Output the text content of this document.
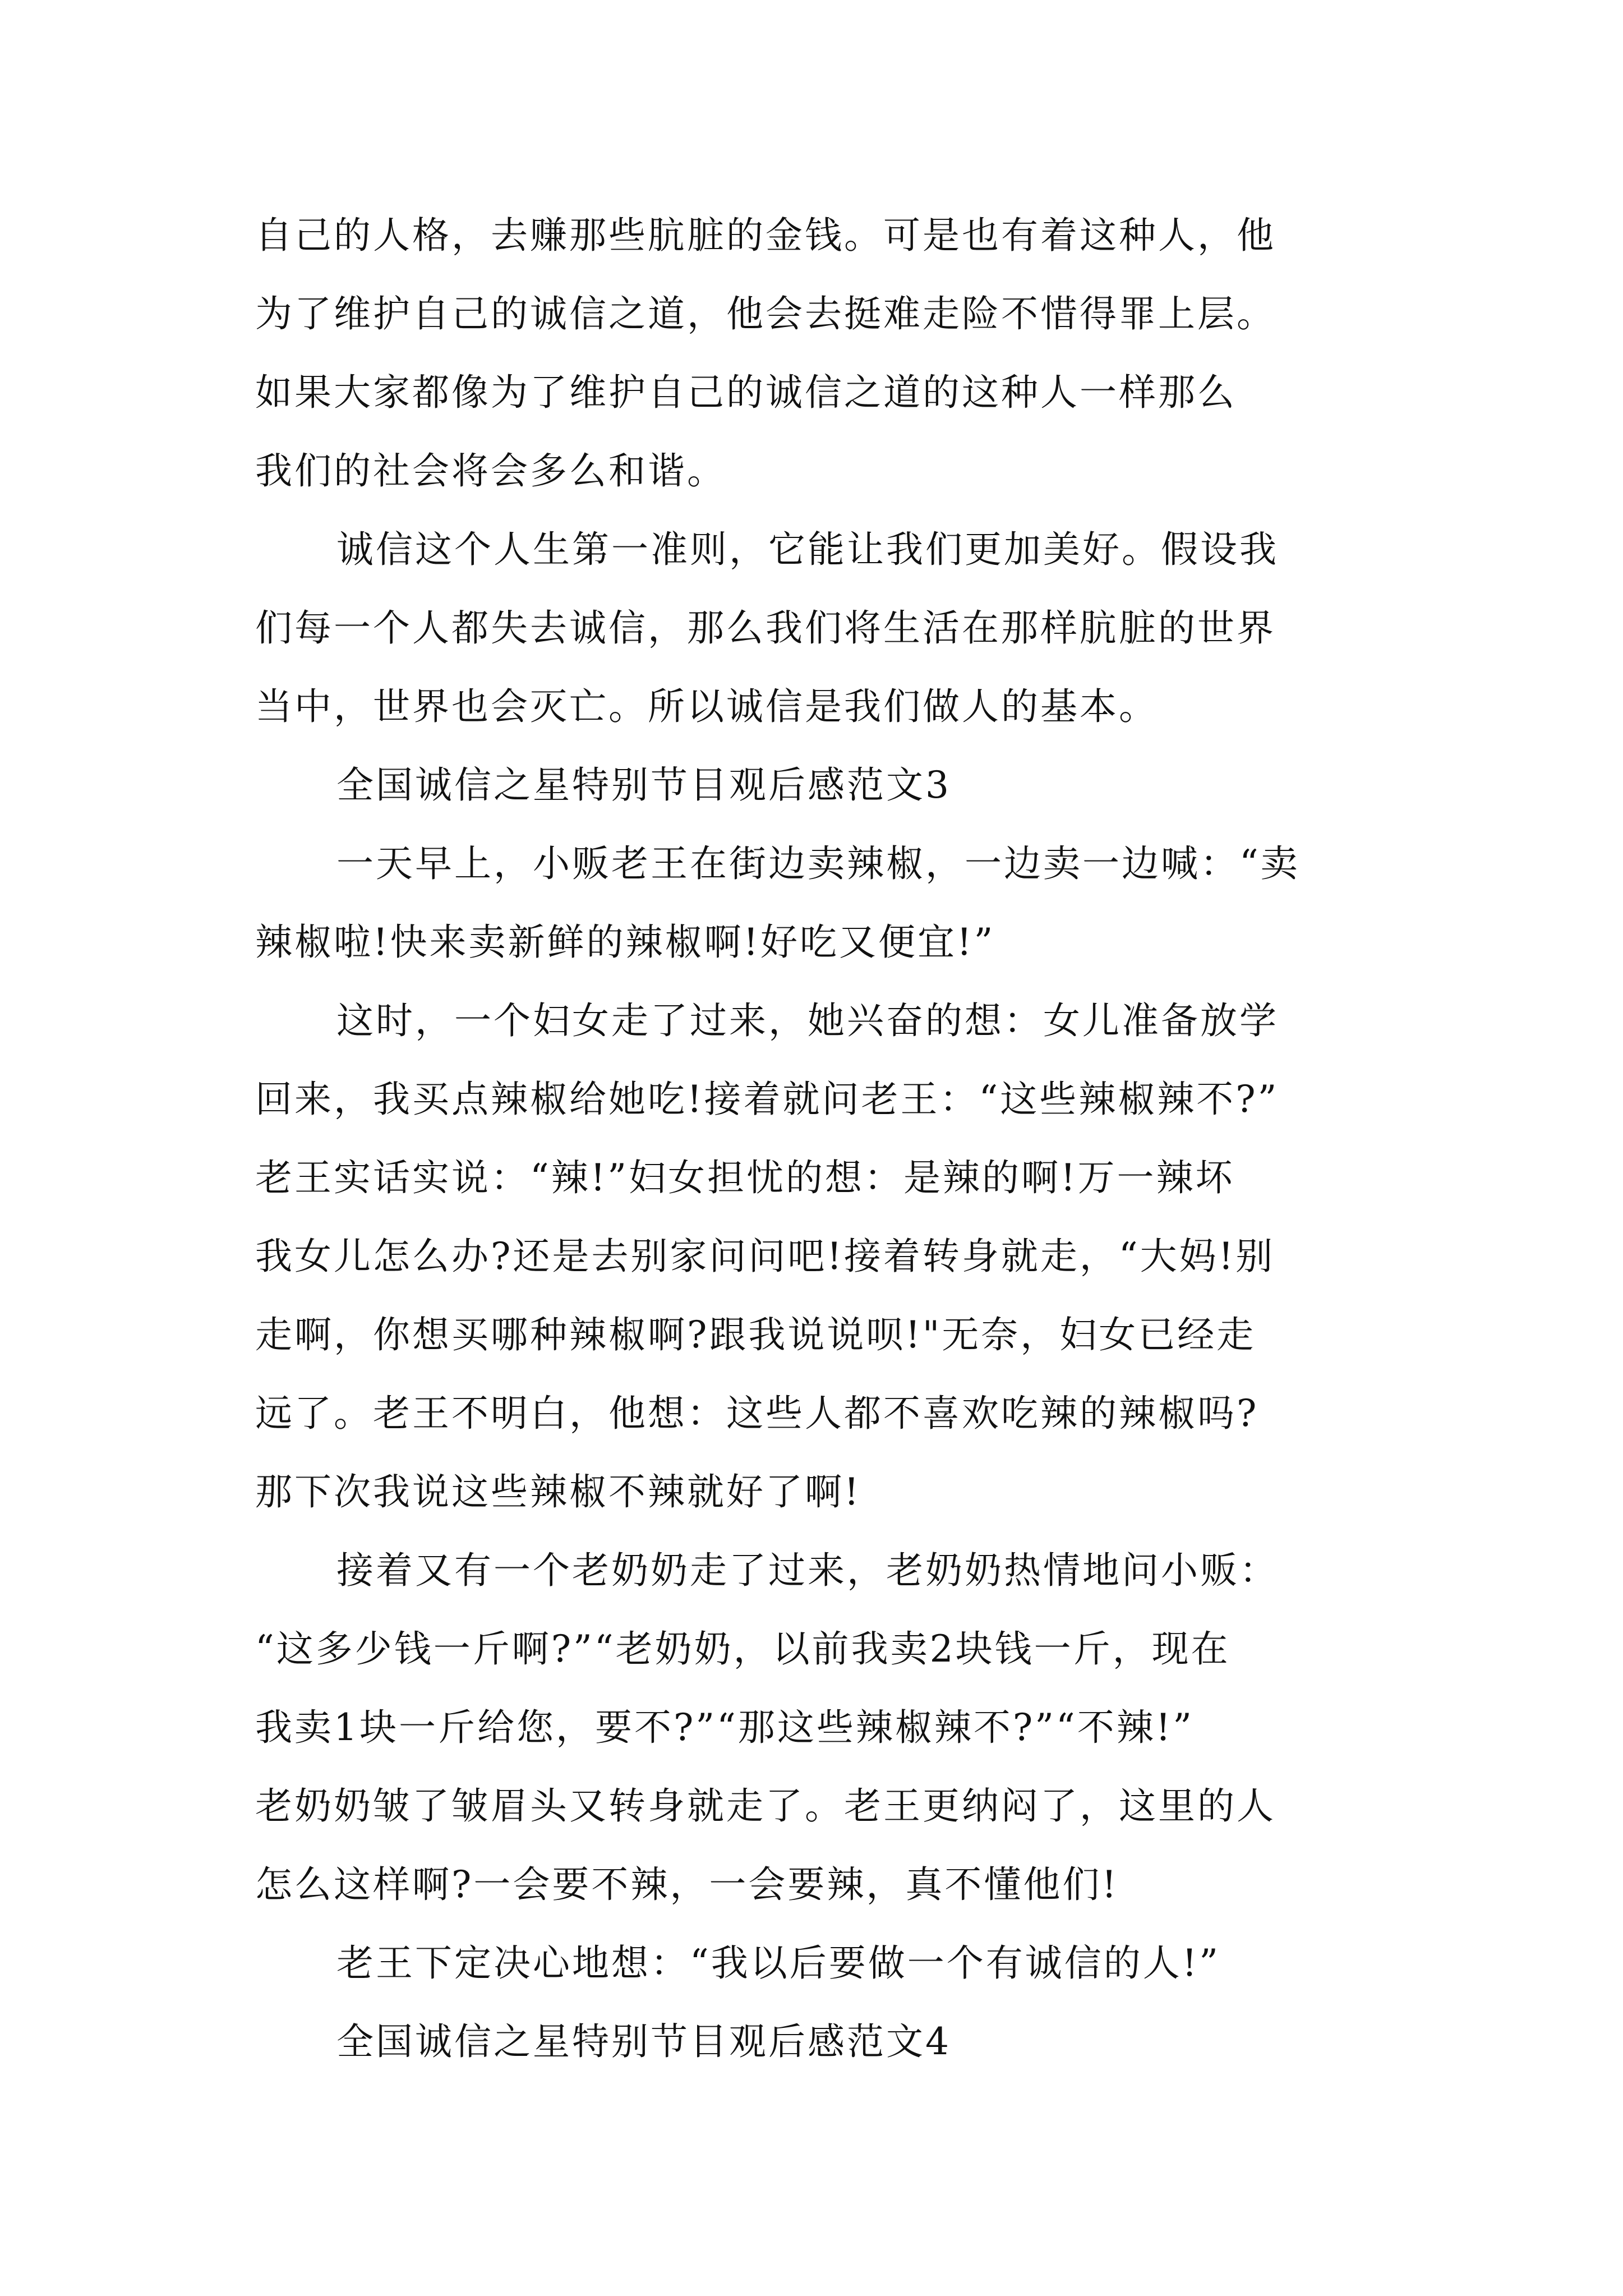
自己的人格，去赚那些肮脏的金钱。可是也有着这种人，他
为了维护自己的诚信之道，他会去挺难走险不惜得罪上层。
如果大家都像为了维护自己的诚信之道的这种人一样那么
我们的社会将会多么和谐。
诚信这个人生第一准则，它能让我们更加美好。假设我
们每一个人都失去诚信，那么我们将生活在那样肮脏的世界
当中，世界也会灭亡。所以诚信是我们做人的基本。
全国诚信之星特别节目观后感范文3
一天早上，小贩老王在街边卖辣椒，一边卖一边喊：“卖
辣椒啦!快来卖新鲜的辣椒啊!好吃又便宜!”
这时，一个妇女走了过来，她兴奋的想：女儿准备放学
回来，我买点辣椒给她吃!接着就问老王：“这些辣椒辣不?”
老王实话实说：“辣!”妇女担忧的想：是辣的啊!万一辣坏
我女儿怎么办?还是去别家问问吧!接着转身就走，“大妈!别
走啊，你想买哪种辣椒啊?跟我说说呗!"无奈，妇女已经走
远了。老王不明白，他想：这些人都不喜欢吃辣的辣椒吗?
那下次我说这些辣椒不辣就好了啊!
接着又有一个老奶奶走了过来，老奶奶热情地问小贩：
“这多少钱一斤啊?”“老奶奶，以前我卖2块钱一斤，现在
我卖1块一斤给您，要不?”“那这些辣椒辣不?”“不辣!”
老奶奶皱了皱眉头又转身就走了。老王更纳闷了，这里的人
怎么这样啊?一会要不辣，一会要辣，真不懂他们!
老王下定决心地想：“我以后要做一个有诚信的人!”
全国诚信之星特别节目观后感范文4
